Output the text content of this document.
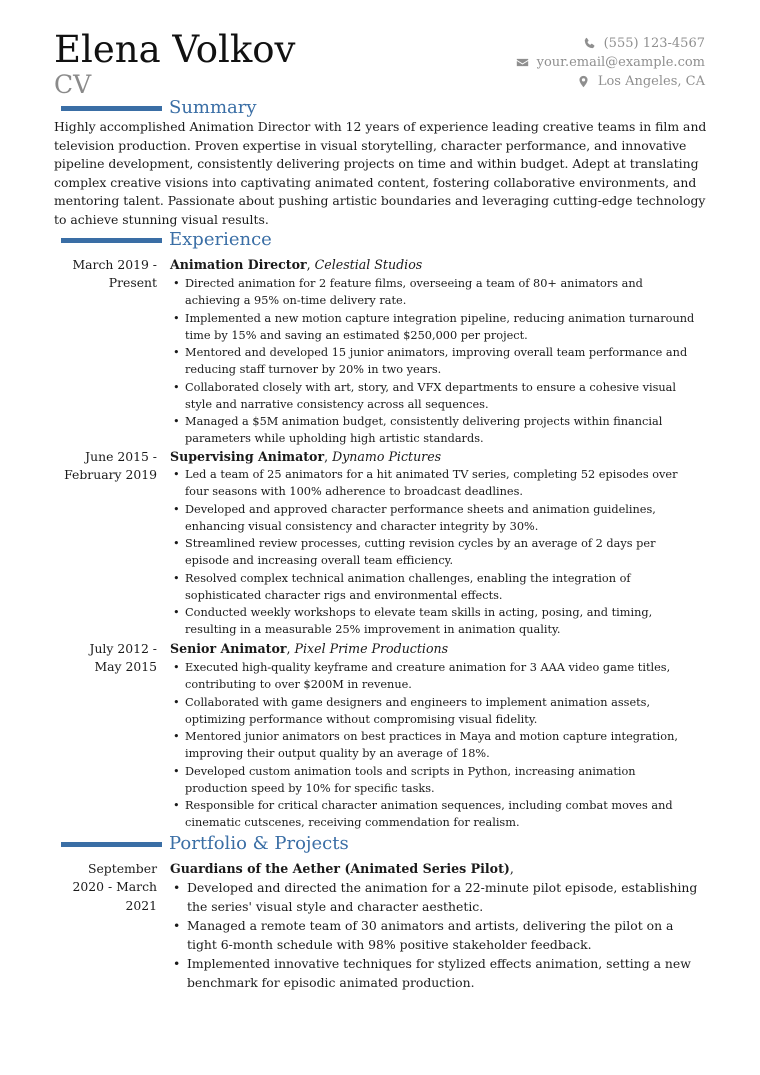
Elena Volkov
CV
(555) 123-4567
your.email@example.com
Los Angeles, CA
Summary
Highly accomplished Animation Director with 12 years of experience leading creative teams in film and television production. Proven expertise in visual storytelling, character performance, and innovative pipeline development, consistently delivering projects on time and within budget. Adept at translating complex creative visions into captivating animated content, fostering collaborative environments, and mentoring talent. Passionate about pushing artistic boundaries and leveraging cutting-edge technology to achieve stunning visual results.
Experience
March 2019 -
Present
Animation Director, Celestial Studios
• Directed animation for 2 feature films, overseeing a team of 80+ animators and achieving a 95% on-time delivery rate.
• Implemented a new motion capture integration pipeline, reducing animation turnaround time by 15% and saving an estimated $250,000 per project.
• Mentored and developed 15 junior animators, improving overall team performance and reducing staff turnover by 20% in two years.
• Collaborated closely with art, story, and VFX departments to ensure a cohesive visual style and narrative consistency across all sequences.
• Managed a $5M animation budget, consistently delivering projects within financial parameters while upholding high artistic standards.
June 2015 -
February 2019
Supervising Animator, Dynamo Pictures
• Led a team of 25 animators for a hit animated TV series, completing 52 episodes over four seasons with 100% adherence to broadcast deadlines.
• Developed and approved character performance sheets and animation guidelines, enhancing visual consistency and character integrity by 30%.
• Streamlined review processes, cutting revision cycles by an average of 2 days per episode and increasing overall team efficiency.
• Resolved complex technical animation challenges, enabling the integration of sophisticated character rigs and environmental effects.
• Conducted weekly workshops to elevate team skills in acting, posing, and timing, resulting in a measurable 25% improvement in animation quality.
July 2012 -
May 2015
Senior Animator, Pixel Prime Productions
• Executed high-quality keyframe and creature animation for 3 AAA video game titles, contributing to over $200M in revenue.
• Collaborated with game designers and engineers to implement animation assets, optimizing performance without compromising visual fidelity.
• Mentored junior animators on best practices in Maya and motion capture integration, improving their output quality by an average of 18%.
• Developed custom animation tools and scripts in Python, increasing animation production speed by 10% for specific tasks.
• Responsible for critical character animation sequences, including combat moves and cinematic cutscenes, receiving commendation for realism.
Portfolio & Projects
September
2020 - March
2021
Guardians of the Aether (Animated Series Pilot),
• Developed and directed the animation for a 22-minute pilot episode, establishing the series' visual style and character aesthetic.
• Managed a remote team of 30 animators and artists, delivering the pilot on a tight 6-month schedule with 98% positive stakeholder feedback.
• Implemented innovative techniques for stylized effects animation, setting a new benchmark for episodic animated production.
